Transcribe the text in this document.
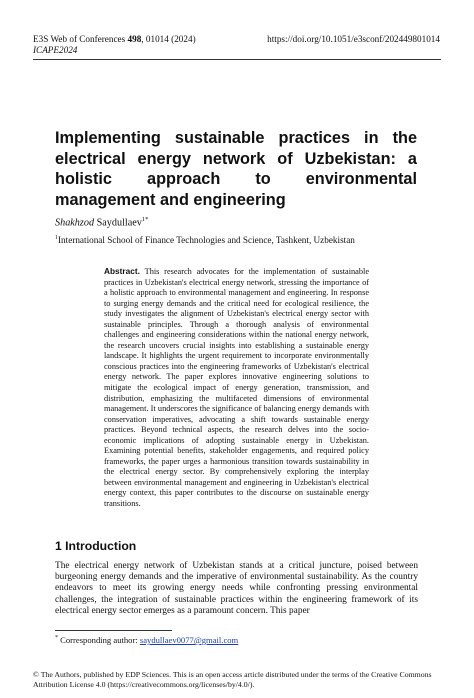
E3S Web of Conferences 498, 01014 (2024)	https://doi.org/10.1051/e3sconf/202449801014
ICAPE2024
Implementing sustainable practices in the electrical energy network of Uzbekistan: a holistic approach to environmental management and engineering
Shakhzod Saydullaev$^{1*}$
$^1$International School of Finance Technologies and Science, Tashkent, Uzbekistan

Abstract. This research advocates for the implementation of sustainable practices in Uzbekistan's electrical energy network, stressing the importance of a holistic approach to environmental management and engineering. In response to surging energy demands and the critical need for ecological resilience, the study investigates the alignment of Uzbekistan's electrical energy sector with sustainable principles. Through a thorough analysis of environmental challenges and engineering considerations within the national energy network, the research uncovers crucial insights into establishing a sustainable energy landscape. It highlights the urgent requirement to incorporate environmentally conscious practices into the engineering frameworks of Uzbekistan's electrical energy network. The paper explores innovative engineering solutions to mitigate the ecological impact of energy generation, transmission, and distribution, emphasizing the multifaceted dimensions of environmental management. It underscores the significance of balancing energy demands with conservation imperatives, advocating a shift towards sustainable energy practices. Beyond technical aspects, the research delves into the socio-economic implications of adopting sustainable energy in Uzbekistan. Examining potential benefits, stakeholder engagements, and required policy frameworks, the paper urges a harmonious transition towards sustainability in the electrical energy sector. By comprehensively exploring the interplay between environmental management and engineering in Uzbekistan's electrical energy context, this paper contributes to the discourse on sustainable energy transitions.

1 Introduction

The electrical energy network of Uzbekistan stands at a critical juncture, poised between burgeoning energy demands and the imperative of environmental sustainability. As the country endeavors to meet its growing energy needs while confronting pressing environmental challenges, the integration of sustainable practices within the engineering framework of its electrical energy sector emerges as a paramount concern. This paper

* Corresponding author: saydullaev0077@gmail.com

© The Authors, published by EDP Sciences. This is an open access article distributed under the terms of the Creative Commons Attribution License 4.0 (https://creativecommons.org/licenses/by/4.0/).
